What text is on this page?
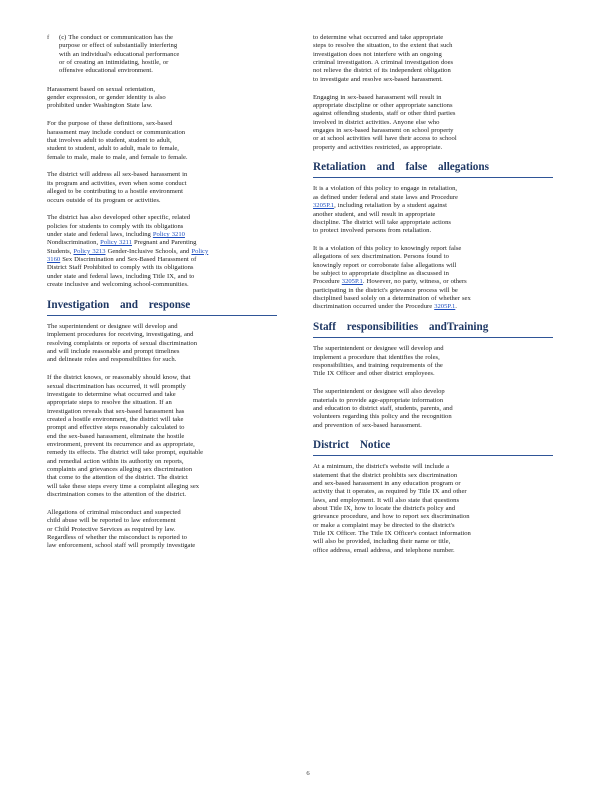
f	(c) The conduct or communication has the
purpose or effect of substantially interfering
with an individual's educational performance
or of creating an intimidating, hostile, or
offensive educational environment.

Harassment based on sexual orientation,
gender expression, or gender identity is also
prohibited under Washington State law.

For the purpose of these definitions, sex-based
harassment may include conduct or communication
that involves adult to student, student to adult,
student to student, adult to adult, male to female,
female to male, male to male, and female to female.

The district will address all sex-based harassment in
its program and activities, even when some conduct
alleged to be contributing to a hostile environment
occurs outside of its program or activities.

The district has also developed other specific, related
policies for students to comply with its obligations
under state and federal laws, including Policy 3210
Nondiscrimination, Policy 3211 Pregnant and Parenting
Students, Policy 3213 Gender-Inclusive Schools, and Policy
3160 Sex Discrimination and Sex-Based Harassment of
District Staff Prohibited to comply with its obligations
under state and federal laws, including Title IX, and to
create inclusive and welcoming school-communities.

Investigation and response

The superintendent or designee will develop and
implement procedures for receiving, investigating, and
resolving complaints or reports of sexual discrimination
and will include reasonable and prompt timelines
and delineate roles and responsibilities for such.

If the district knows, or reasonably should know, that
sexual discrimination has occurred, it will promptly
investigate to determine what occurred and take
appropriate steps to resolve the situation. If an
investigation reveals that sex-based harassment has
created a hostile environment, the district will take
prompt and effective steps reasonably calculated to
end the sex-based harassment, eliminate the hostile
environment, prevent its recurrence and as appropriate,
remedy its effects. The district will take prompt, equitable
and remedial action within its authority on reports,
complaints and grievances alleging sex discrimination
that come to the attention of the district. The district
will take these steps every time a complaint alleging sex
discrimination comes to the attention of the district.

Allegations of criminal misconduct and suspected
child abuse will be reported to law enforcement
or Child Protective Services as required by law.
Regardless of whether the misconduct is reported to
law enforcement, school staff will promptly investigate

to determine what occurred and take appropriate
steps to resolve the situation, to the extent that such
investigation does not interfere with an ongoing
criminal investigation. A criminal investigation does
not relieve the district of its independent obligation
to investigate and resolve sex-based harassment.

Engaging in sex-based harassment will result in
appropriate discipline or other appropriate sanctions
against offending students, staff or other third parties
involved in district activities. Anyone else who
engages in sex-based harassment on school property
or at school activities will have their access to school
property and activities restricted, as appropriate.

Retaliation and false allegations

It is a violation of this policy to engage in retaliation,
as defined under federal and state laws and Procedure
3205P.1, including retaliation by a student against
another student, and will result in appropriate
discipline. The district will take appropriate actions
to protect involved persons from retaliation.

It is a violation of this policy to knowingly report false
allegations of sex discrimination. Persons found to
knowingly report or corroborate false allegations will
be subject to appropriate discipline as discussed in
Procedure 3205P.1. However, no party, witness, or others
participating in the district's grievance process will be
disciplined based solely on a determination of whether sex
discrimination occurred under the Procedure 3205P.1.

Staff responsibilities andTraining

The superintendent or designee will develop and
implement a procedure that identifies the roles,
responsibilities, and training requirements of the
Title IX Officer and other district employees.

The superintendent or designee will also develop
materials to provide age-appropriate information
and education to district staff, students, parents, and
volunteers regarding this policy and the recognition
and prevention of sex-based harassment.

District Notice

At a minimum, the district's website will include a
statement that the district prohibits sex discrimination
and sex-based harassment in any education program or
activity that it operates, as required by Title IX and other
laws, and employment. It will also state that questions
about Title IX, how to locate the district's policy and
grievance procedure, and how to report sex discrimination
or make a complaint may be directed to the district's
Title IX Officer. The Title IX Officer's contact information
will also be provided, including their name or title,
office address, email address, and telephone number.

6
